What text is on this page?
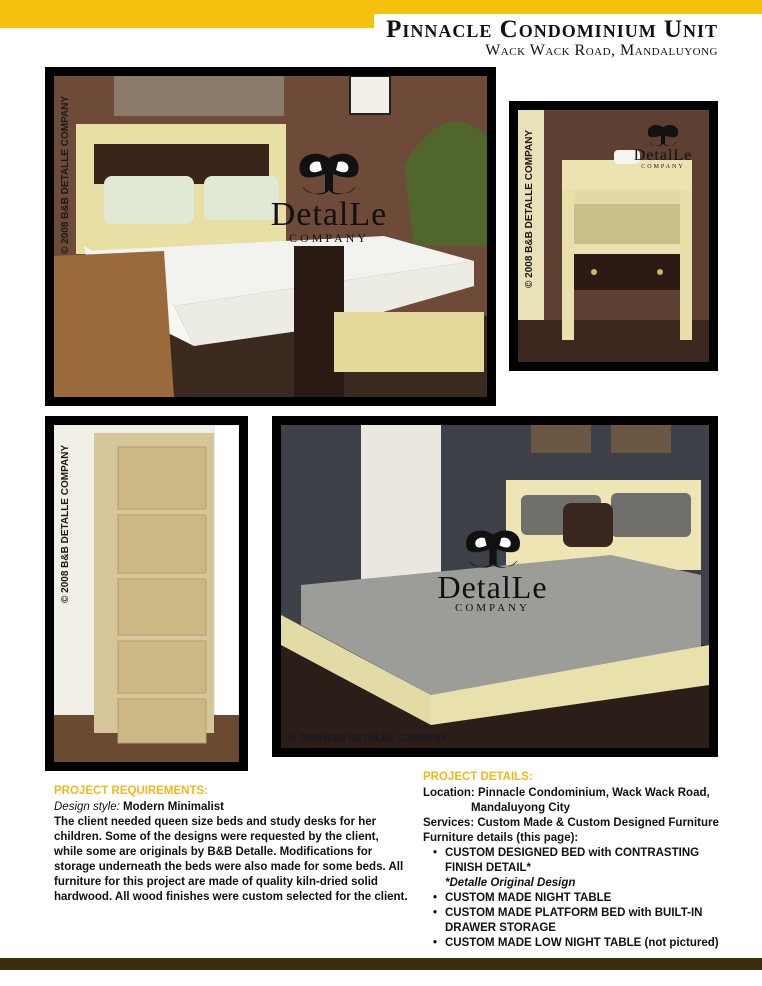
Pinnacle Condominium Unit
Wack Wack Road, Mandaluyong
DetalLe
COMPANY
© 2008 B&B DETALLE COMPANY	DetalLe
COMPANY
© 2008 B&B DETALLE COMPANY
© 2008 B&B DETALLE COMPANY	DetalLe
COMPANY
© 2008 B&B DETALLE COMPANY
PROJECT REQUIREMENTS:
Design style: Modern Minimalist
The client needed queen size beds and study desks for her children. Some of the designs were requested by the client, while some are originals by B&B Detalle. Modifications for storage underneath the beds were also made for some beds. All furniture for this project are made of quality kiln-dried solid hardwood. All wood finishes were custom selected for the client.
PROJECT DETAILS:
Location: Pinnacle Condominium, Wack Wack Road,
Mandaluyong City
Services: Custom Made & Custom Designed Furniture
Furniture details (this page):
• CUSTOM DESIGNED BED with CONTRASTING FINISH DETAIL*
*Detalle Original Design
• CUSTOM MADE NIGHT TABLE
• CUSTOM MADE PLATFORM BED with BUILT-IN DRAWER STORAGE
• CUSTOM MADE LOW NIGHT TABLE (not pictured)
